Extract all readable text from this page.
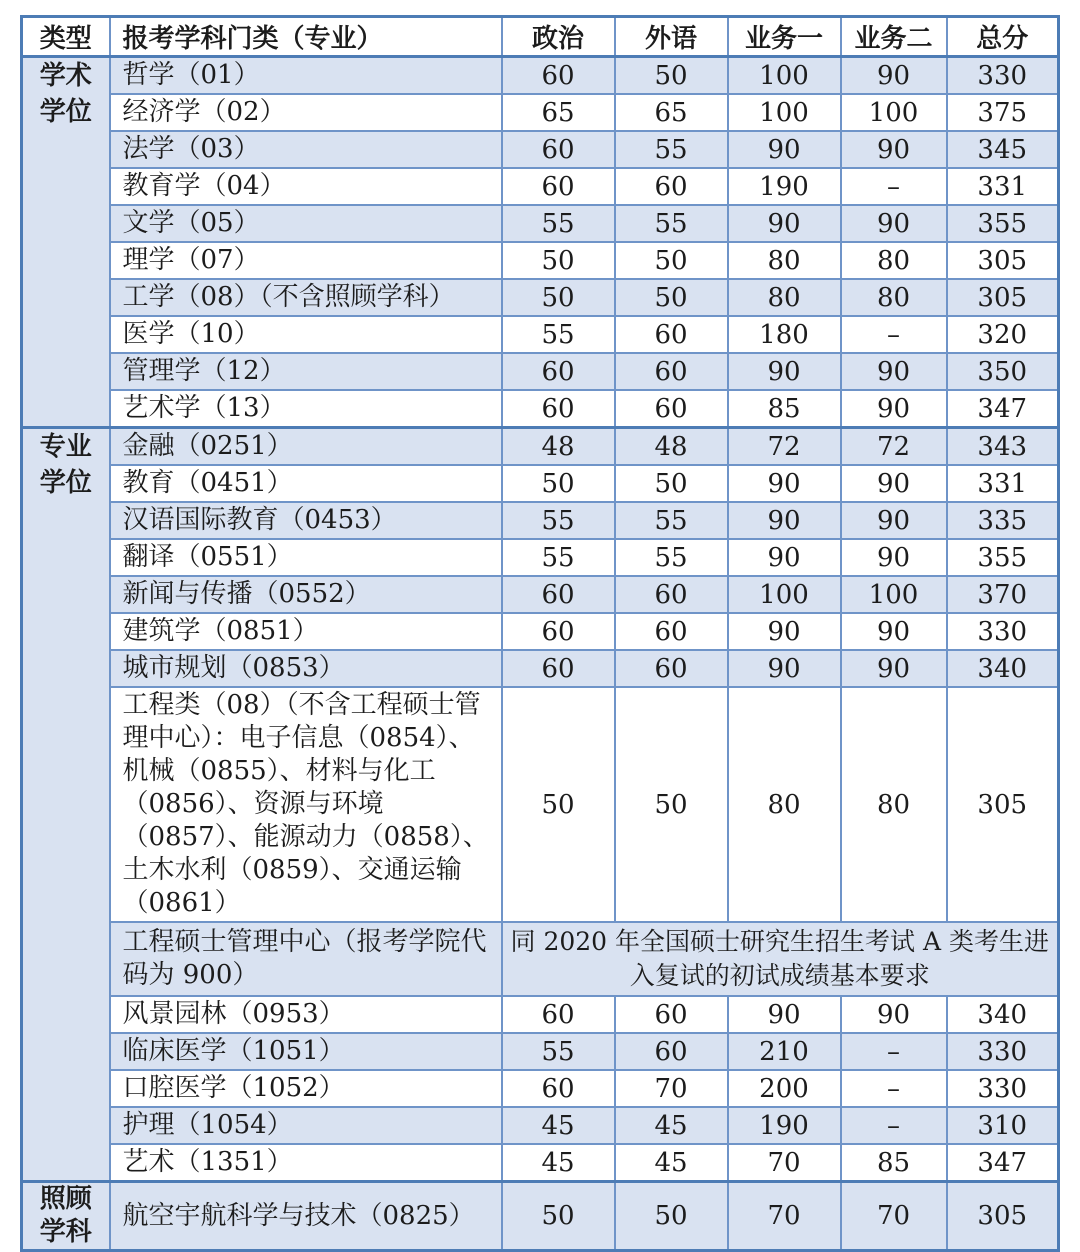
类型	报考学科门类（专业）	政治	外语	业务一	业务二	总分
学术
学位	哲学（01）	60	50	100	90	330
	经济学（02）	65	65	100	100	375
	法学（03）	60	55	90	90	345
	教育学（04）	60	60	190	–	331
	文学（05）	55	55	90	90	355
	理学（07）	50	50	80	80	305
	工学（08）（不含照顾学科）	50	50	80	80	305
	医学（10）	55	60	180	–	320
	管理学（12）	60	60	90	90	350
	艺术学（13）	60	60	85	90	347
专业
学位	金融（0251）	48	48	72	72	343
	教育（0451）	50	50	90	90	331
	汉语国际教育（0453）	55	55	90	90	335
	翻译（0551）	55	55	90	90	355
	新闻与传播（0552）	60	60	100	100	370
	建筑学（0851）	60	60	90	90	330
	城市规划（0853）	60	60	90	90	340
	工程类（08）（不含工程硕士管理中心）：电子信息（0854）、机械（0855）、材料与化工（0856）、资源与环境（0857）、能源动力（0858）、土木水利（0859）、交通运输（0861）	50	50	80	80	305
	工程硕士管理中心（报考学院代码为 900）	同 2020 年全国硕士研究生招生考试 A 类考生进入复试的初试成绩基本要求				
	风景园林（0953）	60	60	90	90	340
	临床医学（1051）	55	60	210	–	330
	口腔医学（1052）	60	70	200	–	330
	护理（1054）	45	45	190	–	310
	艺术（1351）	45	45	70	85	347
照顾
学科	航空宇航科学与技术（0825）	50	50	70	70	305
